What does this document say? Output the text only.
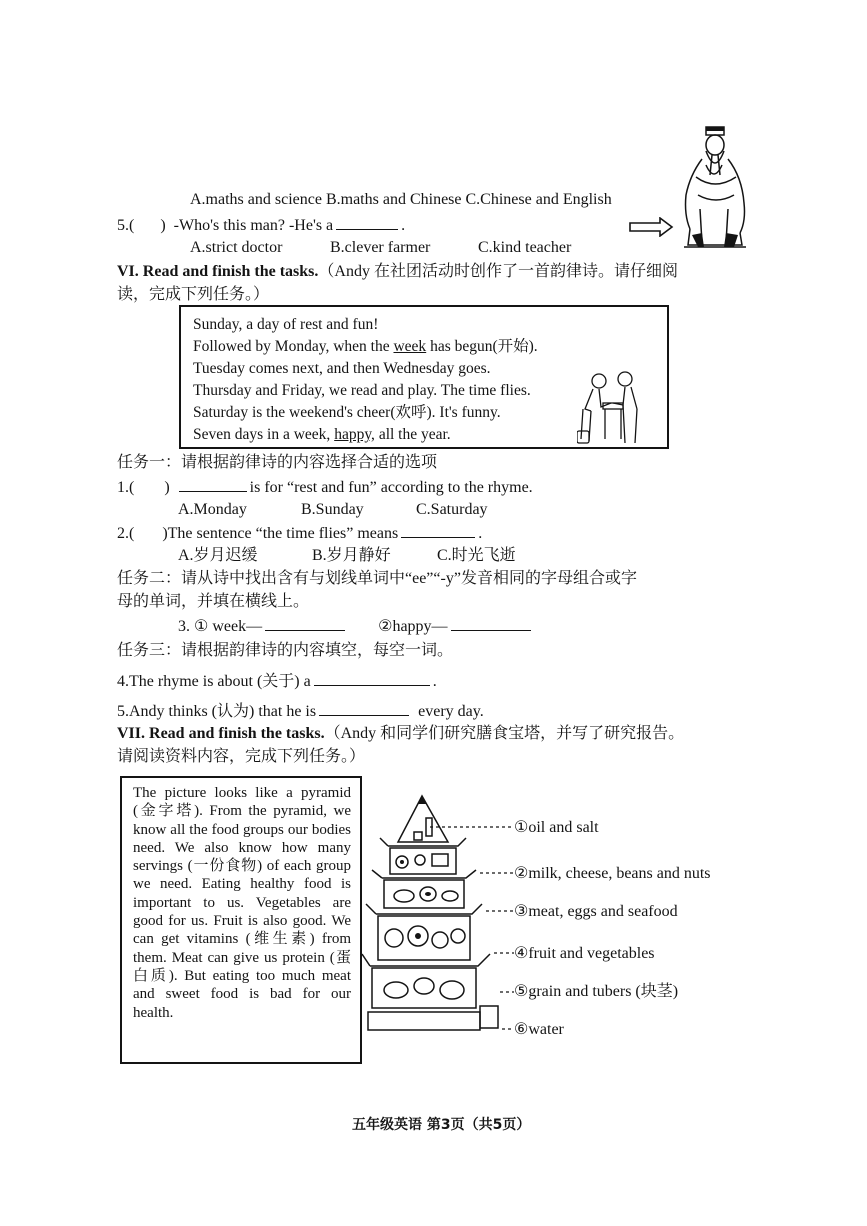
A.maths and science B.maths and Chinese C.Chinese and English
5.( ) -Who's this man? -He's a	.
A.strict doctor	B.clever farmer	C.kind teacher
VI. Read and finish the tasks.（Andy 在社团活动时创作了一首韵律诗。请仔细阅
读，完成下列任务。）
Sunday, a day of rest and fun!
Followed by Monday, when the week has begun(开始).
Tuesday comes next, and then Wednesday goes.
Thursday and Friday, we read and play. The time flies.
Saturday is the weekend's cheer(欢呼). It's funny.
Seven days in a week, happy, all the year.
任务一：请根据韵律诗的内容选择合适的选项
1.( )	is for “rest and fun” according to the rhyme.
A.Monday	B.Sunday	C.Saturday
2.( )The sentence “the time flies” means	.
A.岁月迟缓	B.岁月静好	C.时光飞逝
任务二：请从诗中找出含有与划线单词中“ee”“-y”发音相同的字母组合或字
母的单词，并填在横线上。
3. ① week—	②happy—
任务三：请根据韵律诗的内容填空，每空一词。
4.The rhyme is about (关于) a	.
5.Andy thinks (认为) that he is	every day.
VII. Read and finish the tasks.（Andy 和同学们研究膳食宝塔，并写了研究报告。
请阅读资料内容，完成下列任务。）
The picture looks like a pyramid (金字塔). From the pyramid, we know all the food groups our bodies need. We also know how many servings (一份食物) of each group we need. Eating healthy food is important to us. Vegetables are good for us. Fruit is also good. We can get vitamins (维生素) from them. Meat can give us protein (蛋白质). But eating too much meat and sweet food is bad for our health.
①oil and salt
②milk, cheese, beans and nuts
③meat, eggs and seafood
④fruit and vegetables
⑤grain and tubers (块茎)
⑥water
五年级英语 第3页（共5页）
